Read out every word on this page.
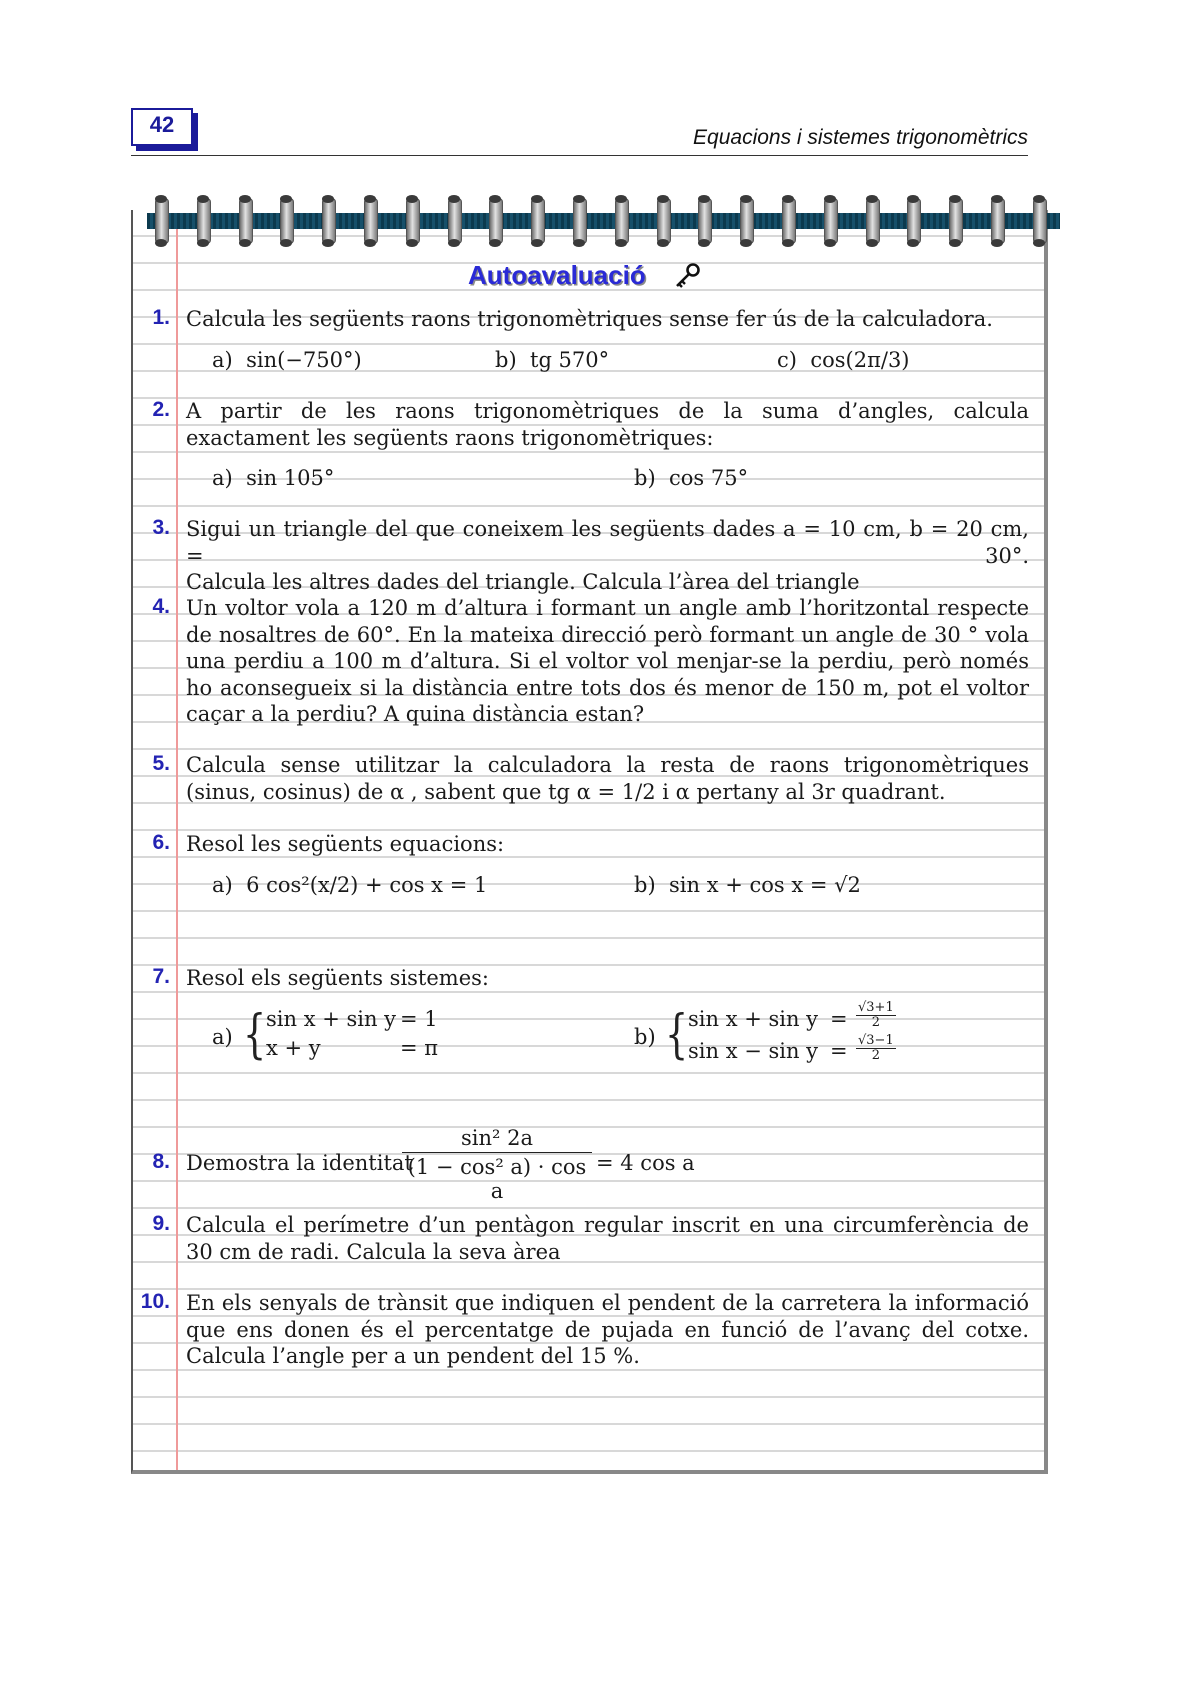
42
Equacions i sistemes trigonomètrics
Autoavaluació
1. Calcula les següents raons trigonomètriques sense fer ús de la calculadora.
a) sin(−750°)	b) tg 570°	c) cos(2π/3)
2. A partir de les raons trigonomètriques de la suma d’angles, calcula exactament les següents raons trigonomètriques:
a) sin 105°	b) cos 75°
3. Sigui un triangle del que coneixem les següents dades a = 10 cm, b = 20 cm, = 30°.
Calcula les altres dades del triangle. Calcula l’àrea del triangle
4. Un voltor vola a 120 m d’altura i formant un angle amb l’horitzontal respecte de nosaltres de 60°. En la mateixa direcció però formant un angle de 30 ° vola una perdiu a 100 m d’altura. Si el voltor vol menjar-se la perdiu, però només ho aconsegueix si la distància entre tots dos és menor de 150 m, pot el voltor caçar a la perdiu? A quina distància estan?
5. Calcula sense utilitzar la calculadora la resta de raons trigonomètriques (sinus, cosinus) de α , sabent que tg α = 1/2 i α pertany al 3r quadrant.
6. Resol les següents equacions:
a) 6 cos²(x/2) + cos x = 1	b) sin x + cos x = √2
7. Resol els següents sistemes:
a) { sin x + sin y = 1
x + y	= π	b) { $\sin x + \sin y = \frac{√3+1}{2}$
$\sin x - \sin y = \frac{√3-1}{2}$
8. Demostra la identitat
$\frac{\text{sin² 2a}}{\text{(1 − cos² a) · cos a}} = 4$ cos a
9. Calcula el perímetre d’un pentàgon regular inscrit en una circumferència de 30 cm de radi. Calcula la seva àrea
10. En els senyals de trànsit que indiquen el pendent de la carretera la informació que ens donen és el percentatge de pujada en funció de l’avanç del cotxe. Calcula l’angle per a un pendent del 15 %.
